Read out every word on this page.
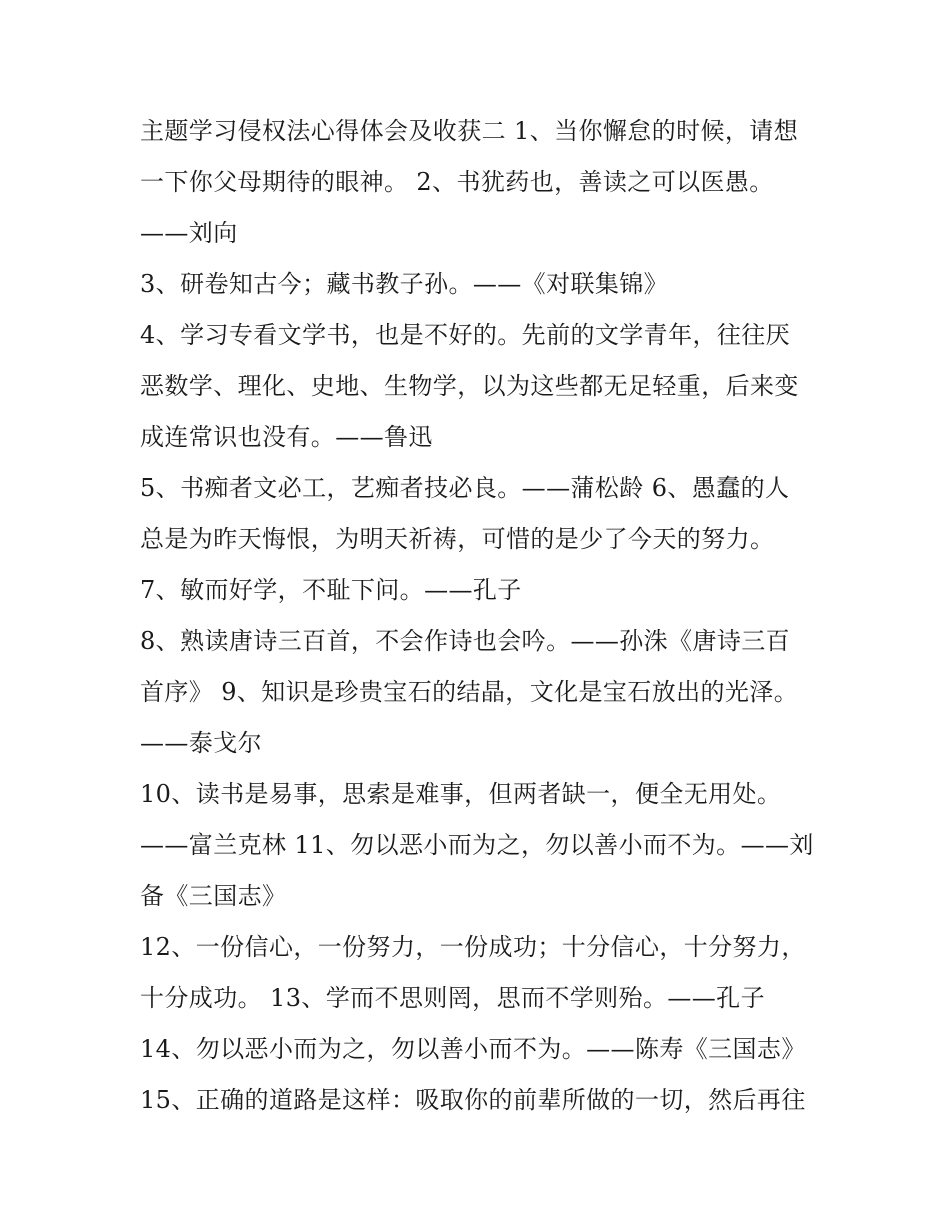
主题学习侵权法心得体会及收获二 1、当你懈怠的时候，请想
一下你父母期待的眼神。 2、书犹药也，善读之可以医愚。
——刘向
3、研卷知古今；藏书教子孙。——《对联集锦》
4、学习专看文学书，也是不好的。先前的文学青年，往往厌
恶数学、理化、史地、生物学，以为这些都无足轻重，后来变
成连常识也没有。——鲁迅
5、书痴者文必工，艺痴者技必良。——蒲松龄 6、愚蠢的人
总是为昨天悔恨，为明天祈祷，可惜的是少了今天的努力。
7、敏而好学，不耻下问。——孔子
8、熟读唐诗三百首，不会作诗也会吟。——孙洙《唐诗三百
首序》 9、知识是珍贵宝石的结晶，文化是宝石放出的光泽。
——泰戈尔
10、读书是易事，思索是难事，但两者缺一，便全无用处。
——富兰克林 11、勿以恶小而为之，勿以善小而不为。——刘
备《三国志》
12、一份信心，一份努力，一份成功；十分信心，十分努力，
十分成功。 13、学而不思则罔，思而不学则殆。——孔子
14、勿以恶小而为之，勿以善小而不为。——陈寿《三国志》
15、正确的道路是这样：吸取你的前辈所做的一切，然后再往
